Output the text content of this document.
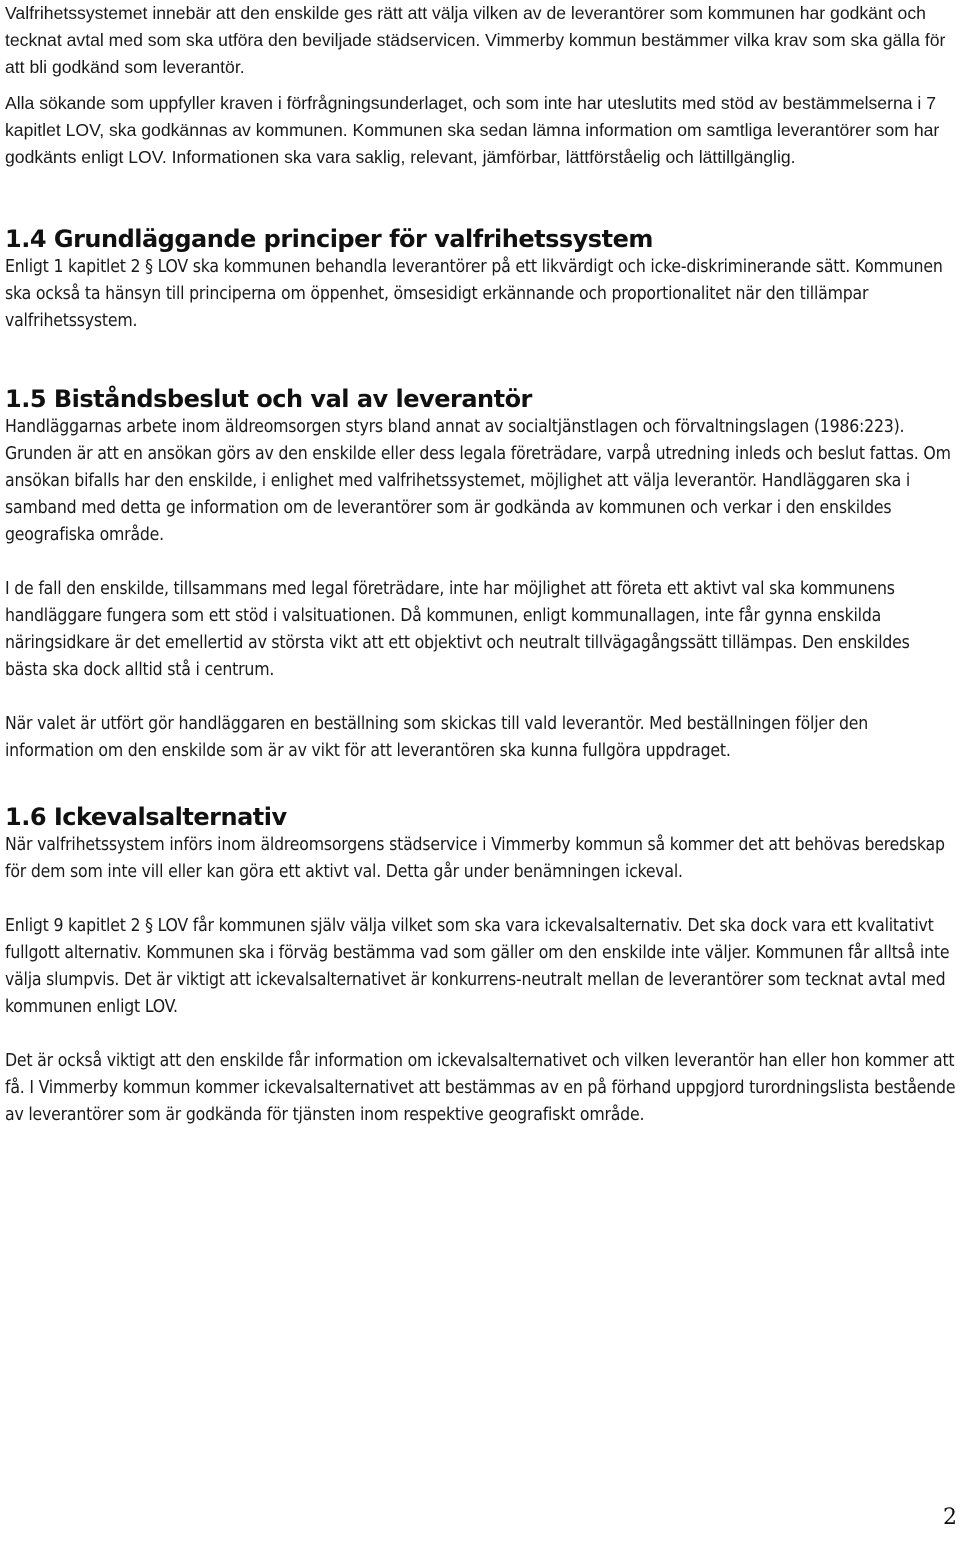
Valfrihetssystemet innebär att den enskilde ges rätt att välja vilken av de leverantörer som kommunen har godkänt och tecknat avtal med som ska utföra den beviljade städservicen. Vimmerby kommun bestämmer vilka krav som ska gälla för att bli godkänd som leverantör.

Alla sökande som uppfyller kraven i förfrågningsunderlaget, och som inte har uteslutits med stöd av bestämmelserna i 7 kapitlet LOV, ska godkännas av kommunen. Kommunen ska sedan lämna information om samtliga leverantörer som har godkänts enligt LOV. Informationen ska vara saklig, relevant, jämförbar, lättförståelig och lättillgänglig.

1.4 Grundläggande principer för valfrihetssystem

Enligt 1 kapitlet 2 § LOV ska kommunen behandla leverantörer på ett likvärdigt och icke-diskriminerande sätt. Kommunen ska också ta hänsyn till principerna om öppenhet, ömsesidigt erkännande och proportionalitet när den tillämpar valfrihetssystem.

1.5 Biståndsbeslut och val av leverantör

Handläggarnas arbete inom äldreomsorgen styrs bland annat av socialtjänstlagen och förvaltningslagen (1986:223). Grunden är att en ansökan görs av den enskilde eller dess legala företrädare, varpå utredning inleds och beslut fattas. Om ansökan bifalls har den enskilde, i enlighet med valfrihetssystemet, möjlighet att välja leverantör. Handläggaren ska i samband med detta ge information om de leverantörer som är godkända av kommunen och verkar i den enskildes geografiska område.

I de fall den enskilde, tillsammans med legal företrädare, inte har möjlighet att företa ett aktivt val ska kommunens handläggare fungera som ett stöd i valsituationen. Då kommunen, enligt kommunallagen, inte får gynna enskilda näringsidkare är det emellertid av största vikt att ett objektivt och neutralt tillvägagångssätt tillämpas. Den enskildes bästa ska dock alltid stå i centrum.

När valet är utfört gör handläggaren en beställning som skickas till vald leverantör. Med beställningen följer den information om den enskilde som är av vikt för att leverantören ska kunna fullgöra uppdraget.

1.6 Ickevalsalternativ

När valfrihetssystem införs inom äldreomsorgens städservice i Vimmerby kommun så kommer det att behövas beredskap för dem som inte vill eller kan göra ett aktivt val. Detta går under benämningen ickeval.

Enligt 9 kapitlet 2 § LOV får kommunen själv välja vilket som ska vara ickevalsalternativ. Det ska dock vara ett kvalitativt fullgott alternativ. Kommunen ska i förväg bestämma vad som gäller om den enskilde inte väljer. Kommunen får alltså inte välja slumpvis. Det är viktigt att ickevalsalternativet är konkurrens-neutralt mellan de leverantörer som tecknat avtal med kommunen enligt LOV.

Det är också viktigt att den enskilde får information om ickevalsalternativet och vilken leverantör han eller hon kommer att få. I Vimmerby kommun kommer ickevalsalternativet att bestämmas av en på förhand uppgjord turordningslista bestående av leverantörer som är godkända för tjänsten inom respektive geografiskt område.

2
